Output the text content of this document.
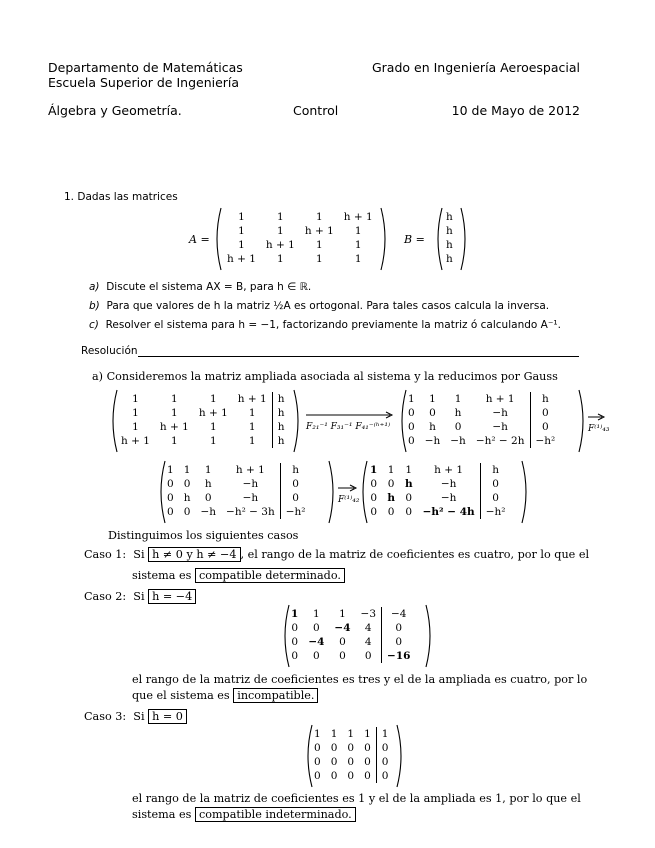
Departamento de Matemáticas
Escuela Superior de Ingeniería
Grado en Ingeniería Aeroespacial
Álgebra y Geometría.	Control	10 de Mayo de 2012
1. Dadas las matrices
A =
1	1	1	h + 1
1	1	h + 1	1
1	h + 1	1	1
h + 1	1	1	1
B =
h
h
h
h
a) Discute el sistema AX = B, para h ∈ ℝ.
b) Para que valores de h la matriz ½A es ortogonal. Para tales casos calcula la inversa.
c) Resolver el sistema para h = −1, factorizando previamente la matriz ó calculando A⁻¹.
Resolución
a) Consideremos la matriz ampliada asociada al sistema y la reducimos por Gauss
1	1	1	h + 1	h
1	1	h + 1	1	h
1	h + 1	1	1	h
h + 1	1	1	1	h
F₂₁⁻¹ F₃₁⁻¹ F₄₁⁻⁽ʰ⁺¹⁾
1	1	1	h + 1	h
0	0	h	−h	0
0	h	0	−h	0
0	−h	−h	−h² − 2h	−h²
F⁽¹⁾₄₃
1	1	1	h + 1	h
0	0	h	−h	0
0	h	0	−h	0
0	0	−h	−h² − 3h	−h²
F⁽¹⁾₄₂
1	1	1	h + 1	h
0	0	h	−h	0
0	h	0	−h	0
0	0	0	−h² − 4h	−h²
Distinguimos los siguientes casos
Caso 1: Si h ≠ 0 y h ≠ −4 , el rango de la matriz de coeficientes es cuatro, por lo que el
sistema es compatible determinado.
Caso 2: Si h = −4
1	1	1	−3	−4
0	0	−4	4	0
0	−4	0	4	0
0	0	0	0	−16
el rango de la matriz de coeficientes es tres y el de la ampliada es cuatro, por lo
que el sistema es incompatible.
Caso 3: Si h = 0
1	1	1	1	1
0	0	0	0	0
0	0	0	0	0
0	0	0	0	0
el rango de la matriz de coeficientes es 1 y el de la ampliada es 1, por lo que el
sistema es compatible indeterminado.
